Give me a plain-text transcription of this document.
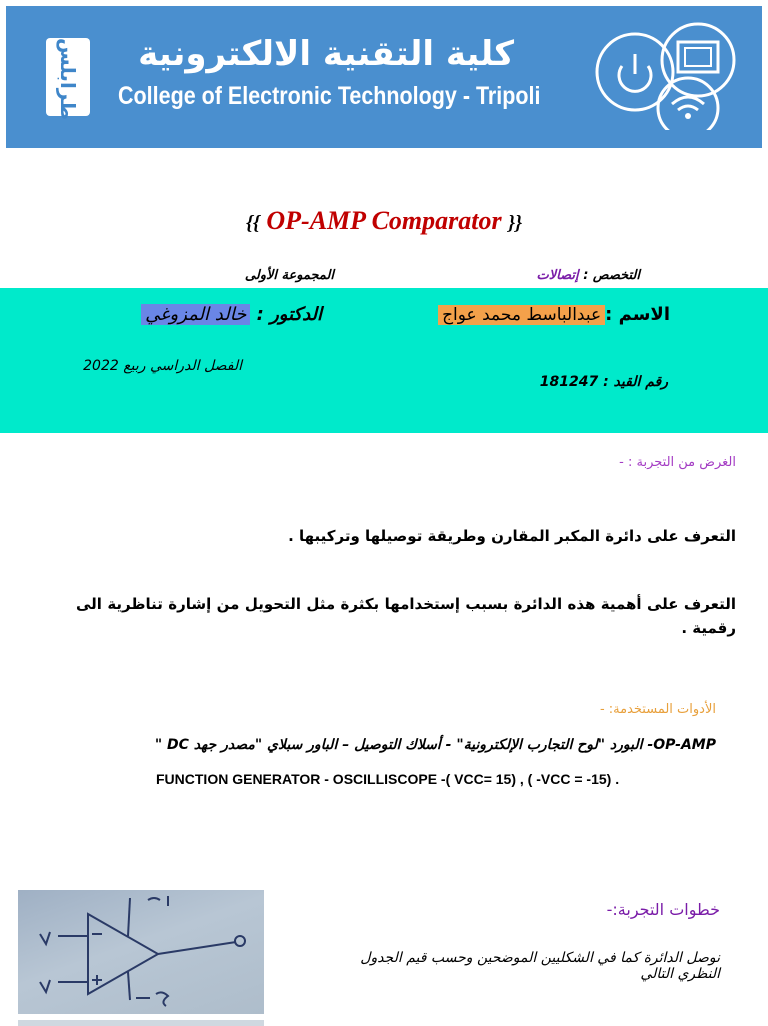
طرابلس كلية التقنية الالكترونية
College of Electronic Technology - Tripoli
{{ OP-AMP Comparator }}
التخصص : إتصالات
المجموعة الأولى
الاسم :عبدالباسط محمد عواج
الدكتور : خالد المزوغي
الفصل الدراسي ربيع 2022
رقم القيد : 181247
الغرض من التجربة : -
التعرف على دائرة المكبر المقارن وطريقة توصيلها وتركيبها .
التعرف على أهمية هذه الدائرة بسبب إستخدامها بكثرة مثل التحويل من إشارة تناظرية الى رقمية .
الأدوات المستخدمة: -
OP-AMP- البورد "لوح التجارب الإلكترونية" - أسلاك التوصيل – الباور سبلاي "مصدر جهد DC "
FUNCTION GENERATOR - OSCILLISCOPE -( VCC= 15) , ( -VCC = -15) .
خطوات التجربة:-
نوصل الدائرة كما في الشكليين الموضحين وحسب قيم الجدول النظري التالي
